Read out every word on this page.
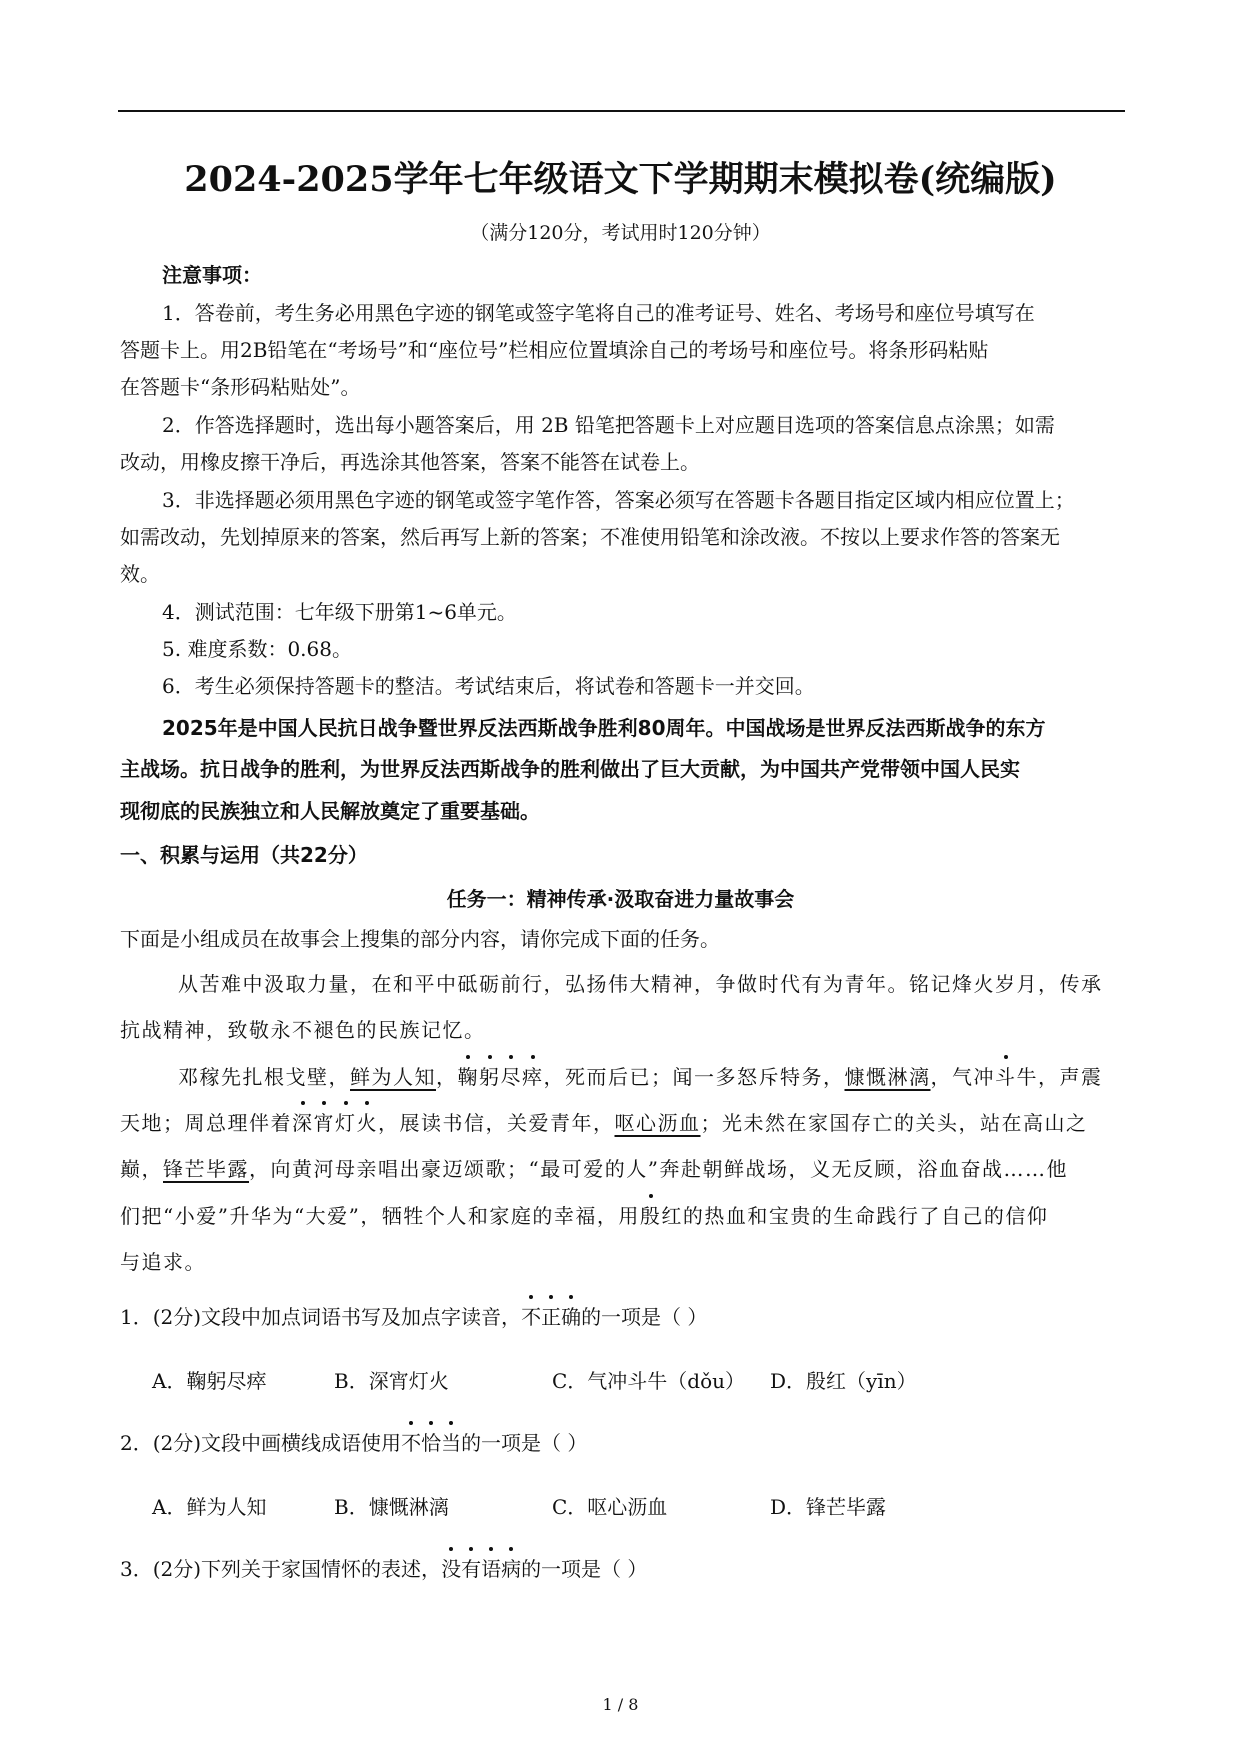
2024-2025学年七年级语文下学期期末模拟卷(统编版)
（满分120分，考试用时120分钟）
注意事项：
1．答卷前，考生务必用黑色字迹的钢笔或签字笔将自己的准考证号、姓名、考场号和座位号填写在
答题卡上。用2B铅笔在“考场号”和“座位号”栏相应位置填涂自己的考场号和座位号。将条形码粘贴
在答题卡“条形码粘贴处”。
2．作答选择题时，选出每小题答案后，用 2B 铅笔把答题卡上对应题目选项的答案信息点涂黑；如需
改动，用橡皮擦干净后，再选涂其他答案，答案不能答在试卷上。
3．非选择题必须用黑色字迹的钢笔或签字笔作答，答案必须写在答题卡各题目指定区域内相应位置上；
如需改动，先划掉原来的答案，然后再写上新的答案；不准使用铅笔和涂改液。不按以上要求作答的答案无
效。
4．测试范围：七年级下册第1~6单元。
5. 难度系数：0.68。
6．考生必须保持答题卡的整洁。考试结束后，将试卷和答题卡一并交回。
2025年是中国人民抗日战争暨世界反法西斯战争胜利80周年。中国战场是世界反法西斯战争的东方
主战场。抗日战争的胜利，为世界反法西斯战争的胜利做出了巨大贡献，为中国共产党带领中国人民实
现彻底的民族独立和人民解放奠定了重要基础。
一、积累与运用（共22分）
任务一：精神传承·汲取奋进力量故事会
下面是小组成员在故事会上搜集的部分内容，请你完成下面的任务。
从苦难中汲取力量，在和平中砥砺前行，弘扬伟大精神，争做时代有为青年。铭记烽火岁月，传承
抗战精神，致敬永不褪色的民族记忆。
邓稼先扎根戈壁，鲜为人知，鞠躬尽瘁，死而后已；闻一多怒斥特务，慷慨淋漓，气冲斗牛，声震
天地；周总理伴着深宵灯火，展读书信，关爱青年，呕心沥血；光未然在家国存亡的关头，站在高山之
巅，锋芒毕露，向黄河母亲唱出豪迈颂歌；“最可爱的人”奔赴朝鲜战场，义无反顾，浴血奋战……他
们把“小爱”升华为“大爱”，牺牲个人和家庭的幸福，用殷红的热血和宝贵的生命践行了自己的信仰
与追求。
1．(2分)文段中加点词语书写及加点字读音，不正确的一项是（ ）
A．鞠躬尽瘁	B．深宵灯火	C．气冲斗牛（dǒu） D．殷红（yīn）
2．(2分)文段中画横线成语使用不恰当的一项是（ ）
A．鲜为人知	B．慷慨淋漓	C．呕心沥血	D．锋芒毕露
3．(2分)下列关于家国情怀的表述，没有语病的一项是（ ）
1 / 8
